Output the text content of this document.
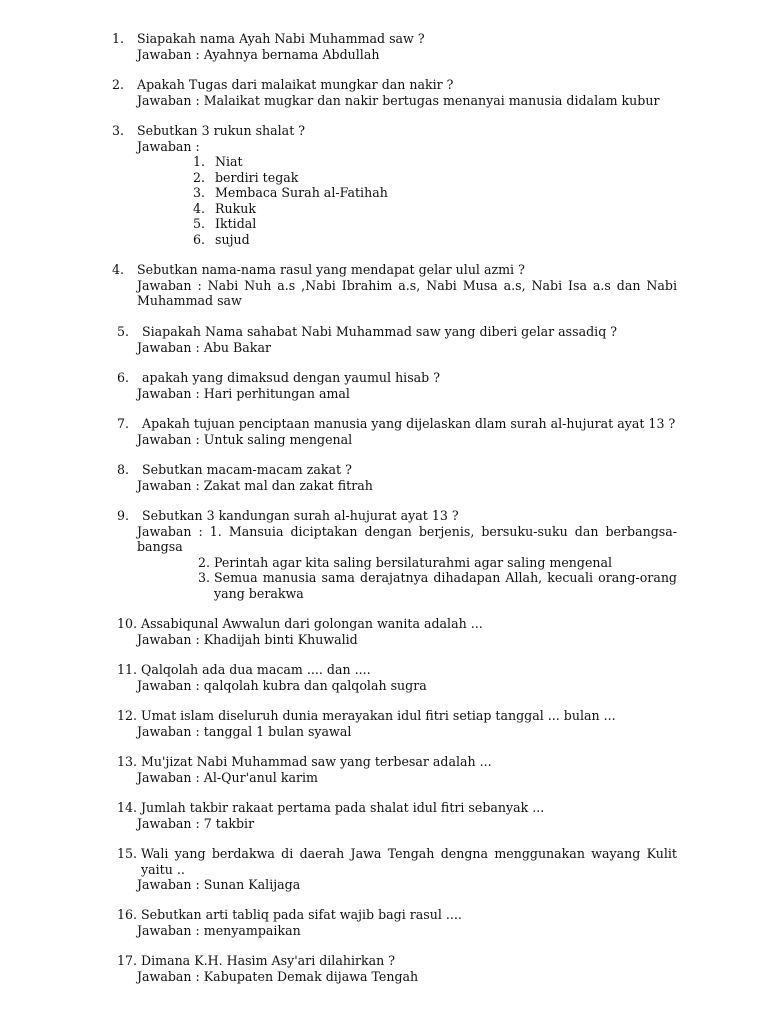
1.	Siapakah nama Ayah Nabi Muhammad saw ?
Jawaban : Ayahnya bernama Abdullah
2.	Apakah Tugas dari malaikat mungkar dan nakir ?
Jawaban : Malaikat mugkar dan nakir bertugas menanyai manusia didalam kubur
3.	Sebutkan 3 rukun shalat ?
Jawaban :
1. Niat
2. berdiri tegak
3. Membaca Surah al-Fatihah
4. Rukuk
5. Iktidal
6. sujud
4.	Sebutkan nama-nama rasul yang mendapat gelar ulul azmi ?
Jawaban : Nabi Nuh a.s ,Nabi Ibrahim a.s, Nabi Musa a.s, Nabi Isa a.s dan Nabi Muhammad saw
5.	Siapakah Nama sahabat Nabi Muhammad saw yang diberi gelar assadiq ?
Jawaban : Abu Bakar
6.	apakah yang dimaksud dengan yaumul hisab ?
Jawaban : Hari perhitungan amal
7.	Apakah tujuan penciptaan manusia yang dijelaskan dlam surah al-hujurat ayat 13 ?
Jawaban : Untuk saling mengenal
8.	Sebutkan macam-macam zakat ?
Jawaban : Zakat mal dan zakat fitrah
9.	Sebutkan 3 kandungan surah al-hujurat ayat 13 ?
Jawaban : 1. Mansuia diciptakan dengan berjenis, bersuku-suku dan berbangsa-bangsa
2. Perintah agar kita saling bersilaturahmi agar saling mengenal
3. Semua manusia sama derajatnya dihadapan Allah, kecuali orang-orang yang berakwa
10. Assabiqunal Awwalun dari golongan wanita adalah ...
Jawaban : Khadijah binti Khuwalid
11. Qalqolah ada dua macam .... dan ....
Jawaban : qalqolah kubra dan qalqolah sugra
12. Umat islam diseluruh dunia merayakan idul fitri setiap tanggal ... bulan ...
Jawaban : tanggal 1 bulan syawal
13. Mu'jizat Nabi Muhammad saw yang terbesar adalah ...
Jawaban : Al-Qur'anul karim
14. Jumlah takbir rakaat pertama pada shalat idul fitri sebanyak ...
Jawaban : 7 takbir
15. Wali yang berdakwa di daerah Jawa Tengah dengna menggunakan wayang Kulit yaitu ..
Jawaban : Sunan Kalijaga
16. Sebutkan arti tabliq pada sifat wajib bagi rasul ....
Jawaban : menyampaikan
17. Dimana K.H. Hasim Asy'ari dilahirkan ?
Jawaban : Kabupaten Demak dijawa Tengah
